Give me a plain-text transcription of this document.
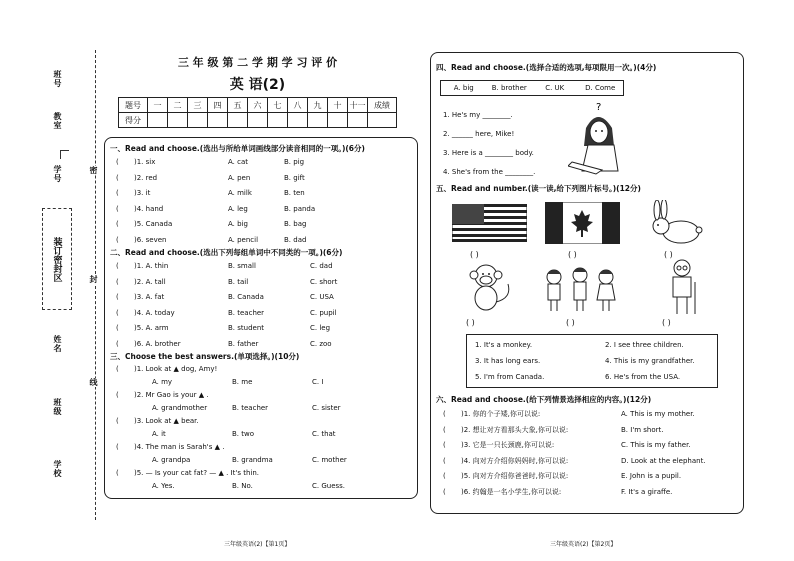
班号
教室
学号
装订密封区
姓名
班级
学校
密
封
线
三 年 级 第 二 学 期 学 习 评 价
英 语(2)
题号	一	二	三	四	五	六	七	八	九	十	十一	成绩
得分												
一、Read and choose.(选出与所给单词画线部分读音相同的一项。)(6分)
( )1. six	A. cat	B. pig
( )2. red	A. pen	B. gift
( )3. it	A. milk	B. ten
( )4. hand	A. leg	B. panda
( )5. Canada	A. big	B. bag
( )6. seven	A. pencil	B. dad
二、Read and choose.(选出下列每组单词中不同类的一项。)(6分)
( )1. A. thin	B. small	C. dad
( )2. A. tall	B. tail	C. short
( )3. A. fat	B. Canada	C. USA
( )4. A. today	B. teacher	C. pupil
( )5. A. arm	B. student	C. leg
( )6. A. brother	B. father	C. zoo
三、Choose the best answers.(单项选择。)(10分)
( )1. Look at ▲ dog, Amy!
A. my	B. me	C. I
( )2. Mr Gao is your ▲ .
A. grandmother	B. teacher	C. sister
( )3. Look at ▲ bear.
A. it	B. two	C. that
( )4. The man is Sarah's ▲ .
A. grandpa	B. grandma	C. mother
( )5. — Is your cat fat? — ▲ . It's thin.
A. Yes.	B. No.	C. Guess.
三年级英语(2)【第1页】
四、Read and choose.(选择合适的选项,每项限用一次。)(4分)
A. big	B. brother	C. UK	D. Come
1. He's my ________.
2. ______ here, Mike!
3. Here is a ________ body.
4. She's from the ________.
?
五、Read and number.(读一读,给下列图片标号。)(12分)
( )	( )	( )
( )	( )	( )
1. It's a monkey.	2. I see three children.
3. It has long ears.	4. This is my grandfather.
5. I'm from Canada.	6. He's from the USA.
六、Read and choose.(给下列情景选择相应的内容。)(12分)
( )1. 你的个子矮,你可以说:	A. This is my mother.
( )2. 想让对方看那头大象,你可以说:	B. I'm short.
( )3. 它是一只长颈鹿,你可以说:	C. This is my father.
( )4. 向对方介绍你妈妈时,你可以说:	D. Look at the elephant.
( )5. 向对方介绍你爸爸时,你可以说:	E. John is a pupil.
( )6. 约翰是一名小学生,你可以说:	F. It's a giraffe.
三年级英语(2)【第2页】
